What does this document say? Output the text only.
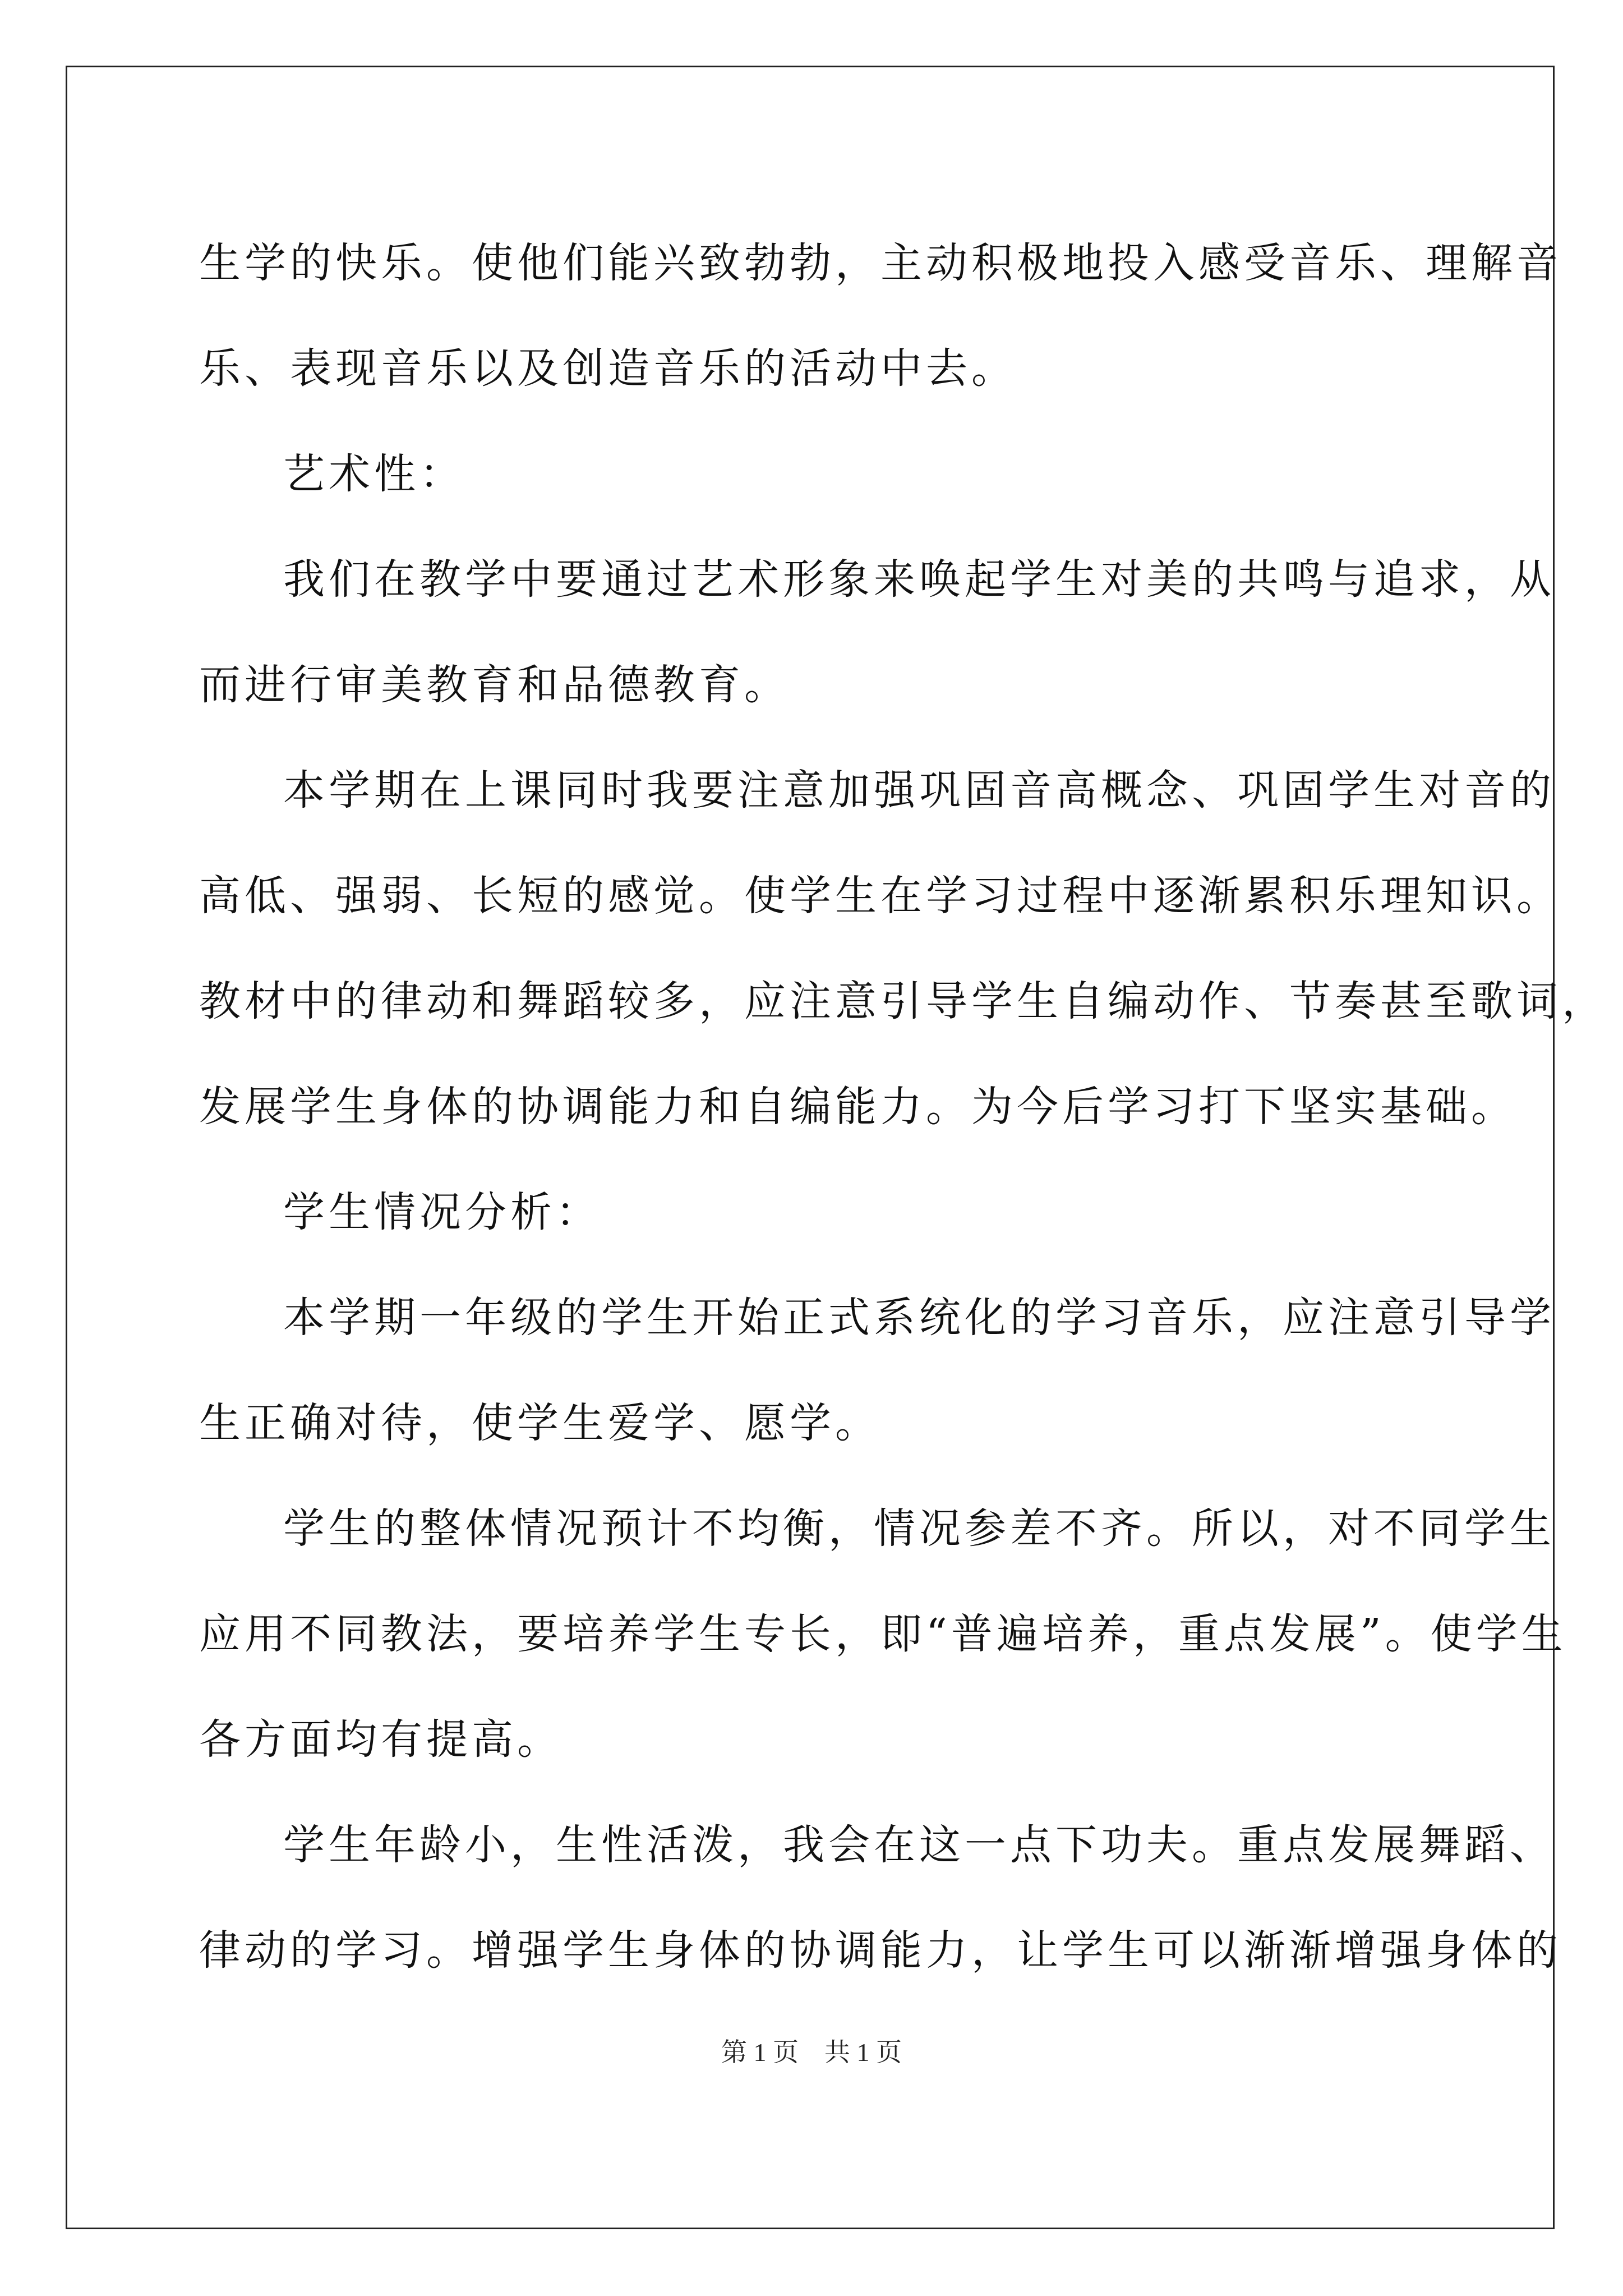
生学的快乐。使他们能兴致勃勃，主动积极地投入感受音乐、理解音
乐、表现音乐以及创造音乐的活动中去。
艺术性：
我们在教学中要通过艺术形象来唤起学生对美的共鸣与追求，从
而进行审美教育和品德教育。
本学期在上课同时我要注意加强巩固音高概念、巩固学生对音的
高低、强弱、长短的感觉。使学生在学习过程中逐渐累积乐理知识。
教材中的律动和舞蹈较多，应注意引导学生自编动作、节奏甚至歌词，
发展学生身体的协调能力和自编能力。为今后学习打下坚实基础。
学生情况分析：
本学期一年级的学生开始正式系统化的学习音乐，应注意引导学
生正确对待，使学生爱学、愿学。
学生的整体情况预计不均衡，情况参差不齐。所以，对不同学生
应用不同教法，要培养学生专长，即“普遍培养，重点发展”。使学生
各方面均有提高。
学生年龄小，生性活泼，我会在这一点下功夫。重点发展舞蹈、
律动的学习。增强学生身体的协调能力，让学生可以渐渐增强身体的
第 1 页 共 1 页
